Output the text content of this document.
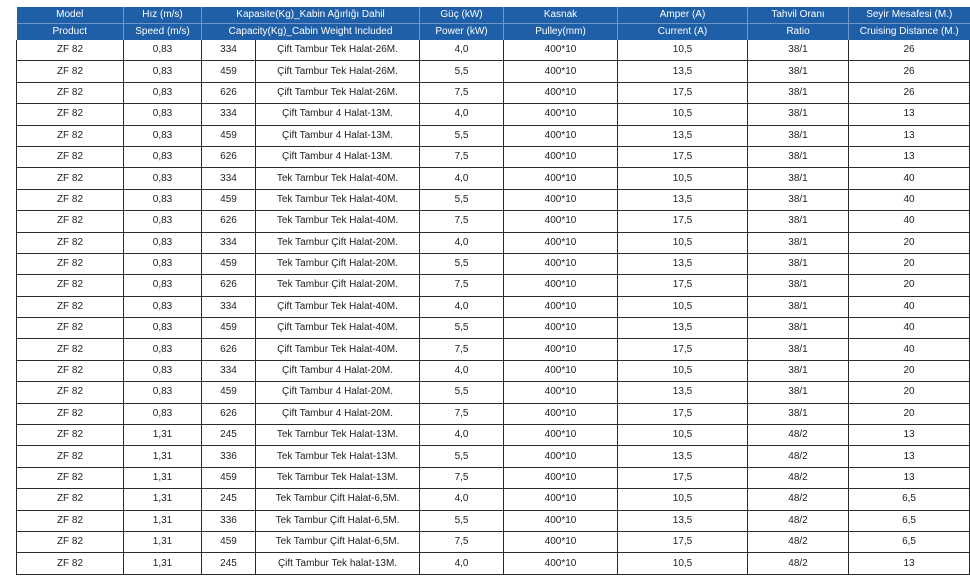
Model	Hız (m/s)	Kapasite(Kg)_Kabin Ağırlığı Dahil		Güç (kW)	Kasnak	Amper (A)	Tahvil Oranı	Seyir Mesafesi (M.)
Product	Speed (m/s)	Capacity(Kg)_Cabin Weight Included		Power (kW)	Pulley(mm)	Current (A)	Ratio	Cruising Distance (M.)
ZF 82	0,83	334	Çift Tambur Tek Halat-26M.	4,0	400*10	10,5	38/1	26
ZF 82	0,83	459	Çift Tambur Tek Halat-26M.	5,5	400*10	13,5	38/1	26
ZF 82	0,83	626	Çift Tambur Tek Halat-26M.	7,5	400*10	17,5	38/1	26
ZF 82	0,83	334	Çift Tambur 4 Halat-13M.	4,0	400*10	10,5	38/1	13
ZF 82	0,83	459	Çift Tambur 4 Halat-13M.	5,5	400*10	13,5	38/1	13
ZF 82	0,83	626	Çift Tambur 4 Halat-13M.	7,5	400*10	17,5	38/1	13
ZF 82	0,83	334	Tek Tambur Tek Halat-40M.	4,0	400*10	10,5	38/1	40
ZF 82	0,83	459	Tek Tambur Tek Halat-40M.	5,5	400*10	13,5	38/1	40
ZF 82	0,83	626	Tek Tambur Tek Halat-40M.	7,5	400*10	17,5	38/1	40
ZF 82	0,83	334	Tek Tambur Çift Halat-20M.	4,0	400*10	10,5	38/1	20
ZF 82	0,83	459	Tek Tambur Çift Halat-20M.	5,5	400*10	13,5	38/1	20
ZF 82	0,83	626	Tek Tambur Çift Halat-20M.	7,5	400*10	17,5	38/1	20
ZF 82	0,83	334	Çift Tambur Tek Halat-40M.	4,0	400*10	10,5	38/1	40
ZF 82	0,83	459	Çift Tambur Tek Halat-40M.	5,5	400*10	13,5	38/1	40
ZF 82	0,83	626	Çift Tambur Tek Halat-40M.	7,5	400*10	17,5	38/1	40
ZF 82	0,83	334	Çift Tambur 4 Halat-20M.	4,0	400*10	10,5	38/1	20
ZF 82	0,83	459	Çift Tambur 4 Halat-20M.	5,5	400*10	13,5	38/1	20
ZF 82	0,83	626	Çift Tambur 4 Halat-20M.	7,5	400*10	17,5	38/1	20
ZF 82	1,31	245	Tek Tambur Tek Halat-13M.	4,0	400*10	10,5	48/2	13
ZF 82	1,31	336	Tek Tambur Tek Halat-13M.	5,5	400*10	13,5	48/2	13
ZF 82	1,31	459	Tek Tambur Tek Halat-13M.	7,5	400*10	17,5	48/2	13
ZF 82	1,31	245	Tek Tambur Çift Halat-6,5M.	4,0	400*10	10,5	48/2	6,5
ZF 82	1,31	336	Tek Tambur Çift Halat-6,5M.	5,5	400*10	13,5	48/2	6,5
ZF 82	1,31	459	Tek Tambur Çift Halat-6,5M.	7,5	400*10	17,5	48/2	6,5
ZF 82	1,31	245	Çift Tambur Tek halat-13M.	4,0	400*10	10,5	48/2	13
